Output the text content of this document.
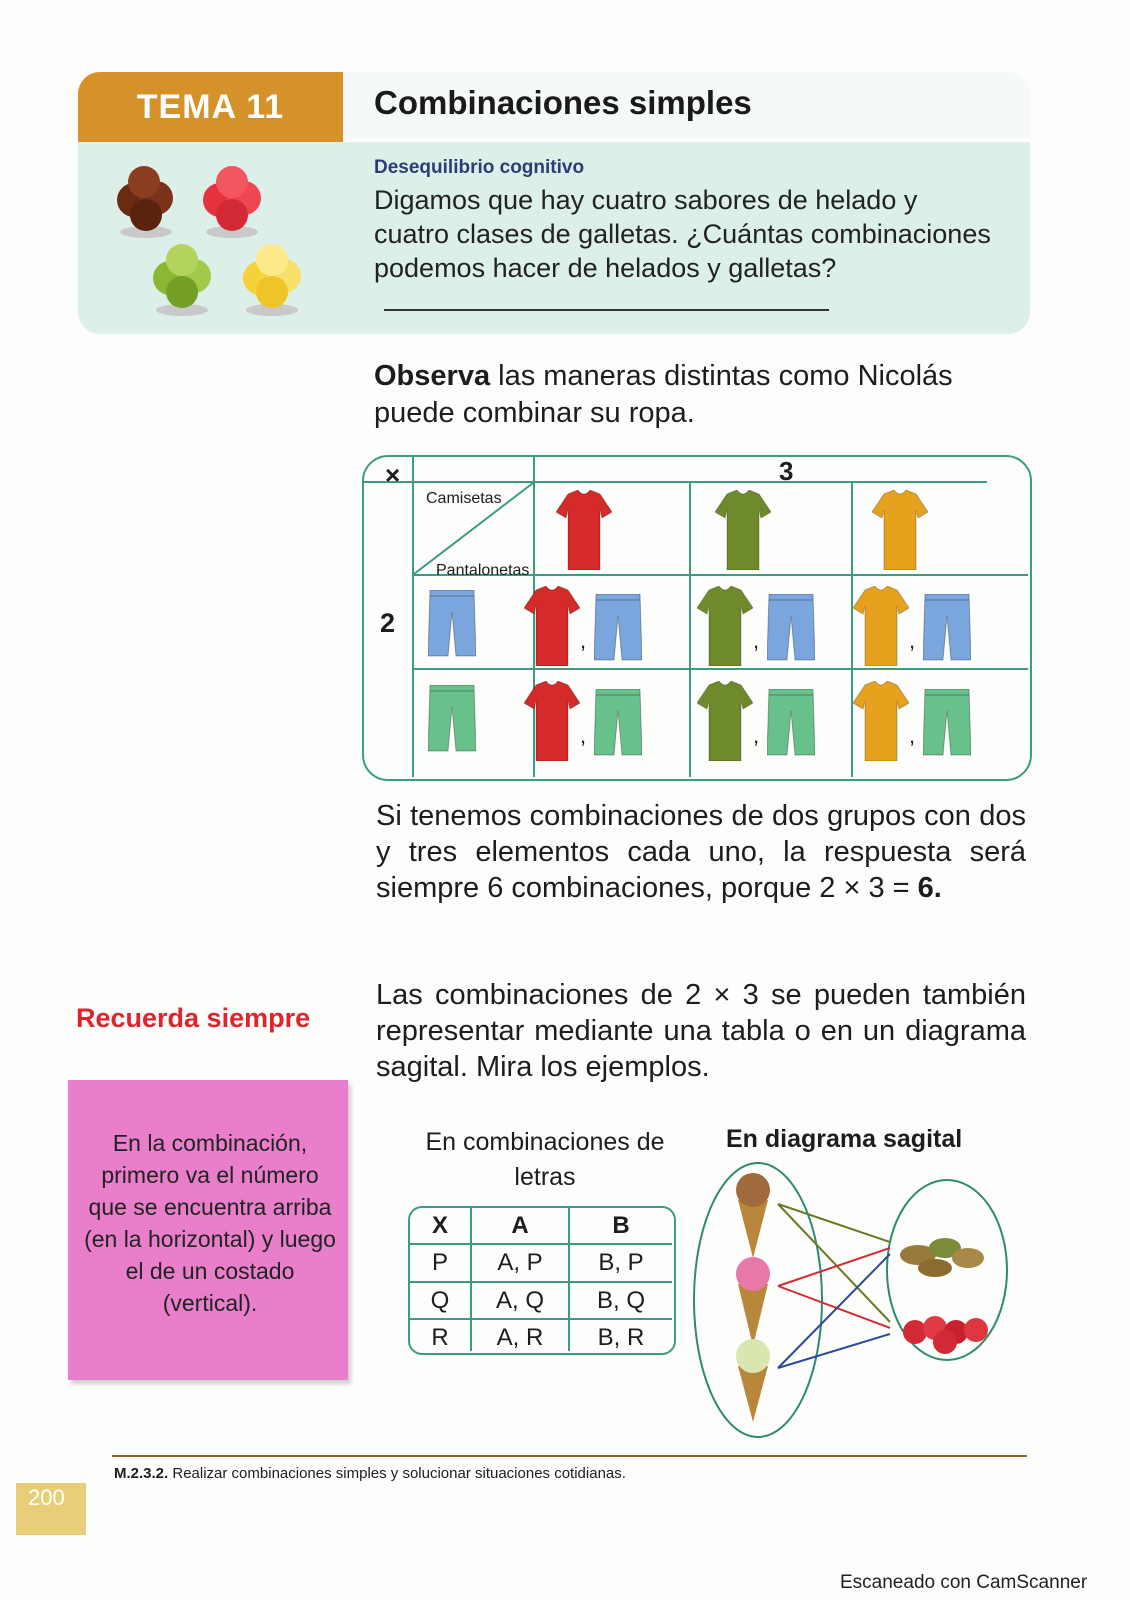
TEMA 11	Combinaciones simples
Desequilibrio cognitivo
Digamos que hay cuatro sabores de helado y cuatro clases de galletas. ¿Cuántas combinaciones podemos hacer de helados y galletas?
Observa las maneras distintas como Nicolás puede combinar su ropa.
×	3
2
Camisetas
Pantalonetas
,	,	,
,	,	,
Si tenemos combinaciones de dos grupos con dos y tres elementos cada uno, la respuesta será siempre 6 combinaciones, porque 2 × 3 = 6.
Las combinaciones de 2 × 3 se pueden también representar mediante una tabla o en un diagrama sagital. Mira los ejemplos.
Recuerda siempre
En la combinación, primero va el número que se encuentra arriba (en la horizontal) y luego el de un costado (vertical).
En combinaciones de letras
En diagrama sagital
X	A	B
P	A, P	B, P
Q	A, Q	B, Q
R	A, R	B, R
M.2.3.2. Realizar combinaciones simples y solucionar situaciones cotidianas.
200
Escaneado con CamScanner
